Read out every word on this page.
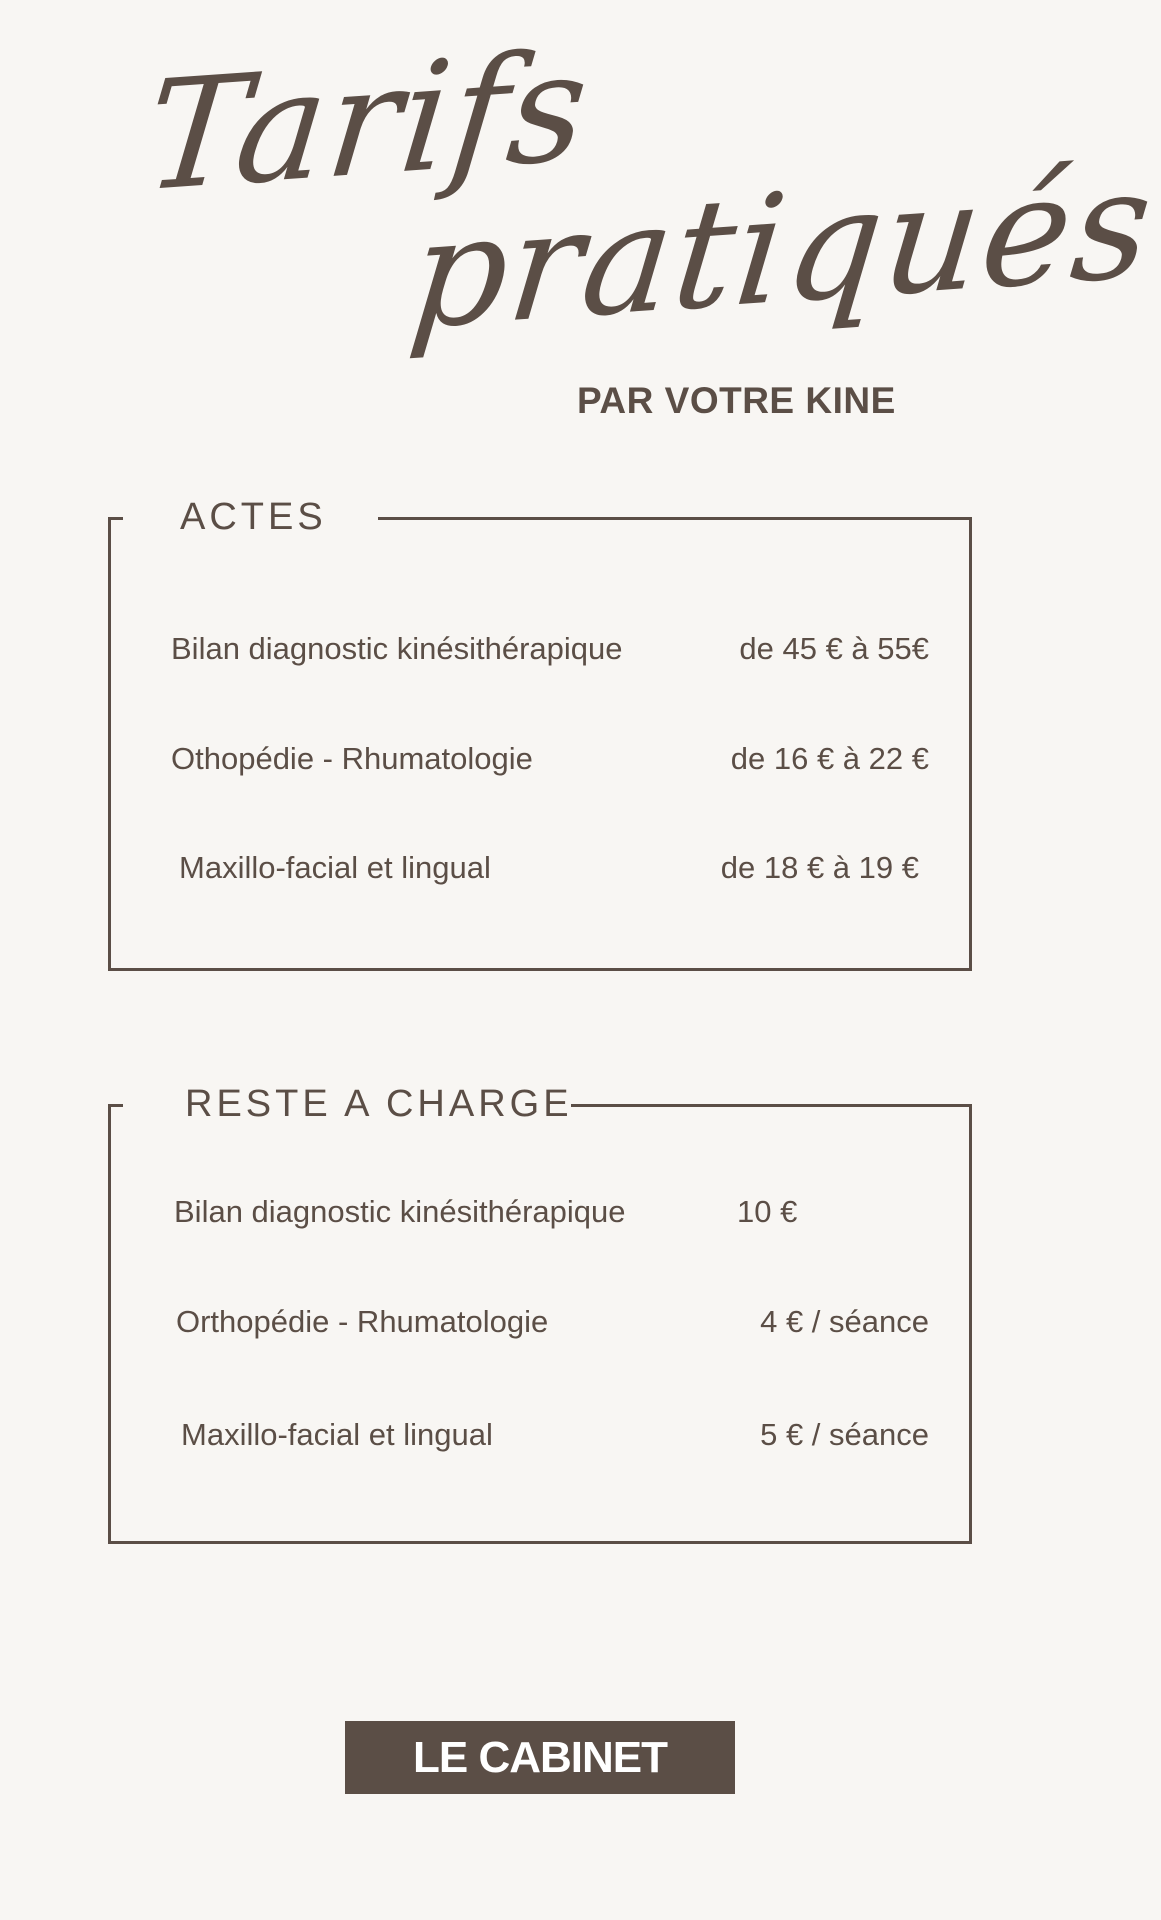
Tarifs
pratiqués
PAR VOTRE KINE
ACTES
Bilan diagnostic kinésithérapique	de 45 € à 55€
Othopédie - Rhumatologie	de 16 € à 22 €
Maxillo-facial et lingual	de 18 € à 19 €
RESTE A CHARGE
Bilan diagnostic kinésithérapique	10 €
Orthopédie - Rhumatologie	4 € / séance
Maxillo-facial et lingual	5 € / séance
LE CABINET
